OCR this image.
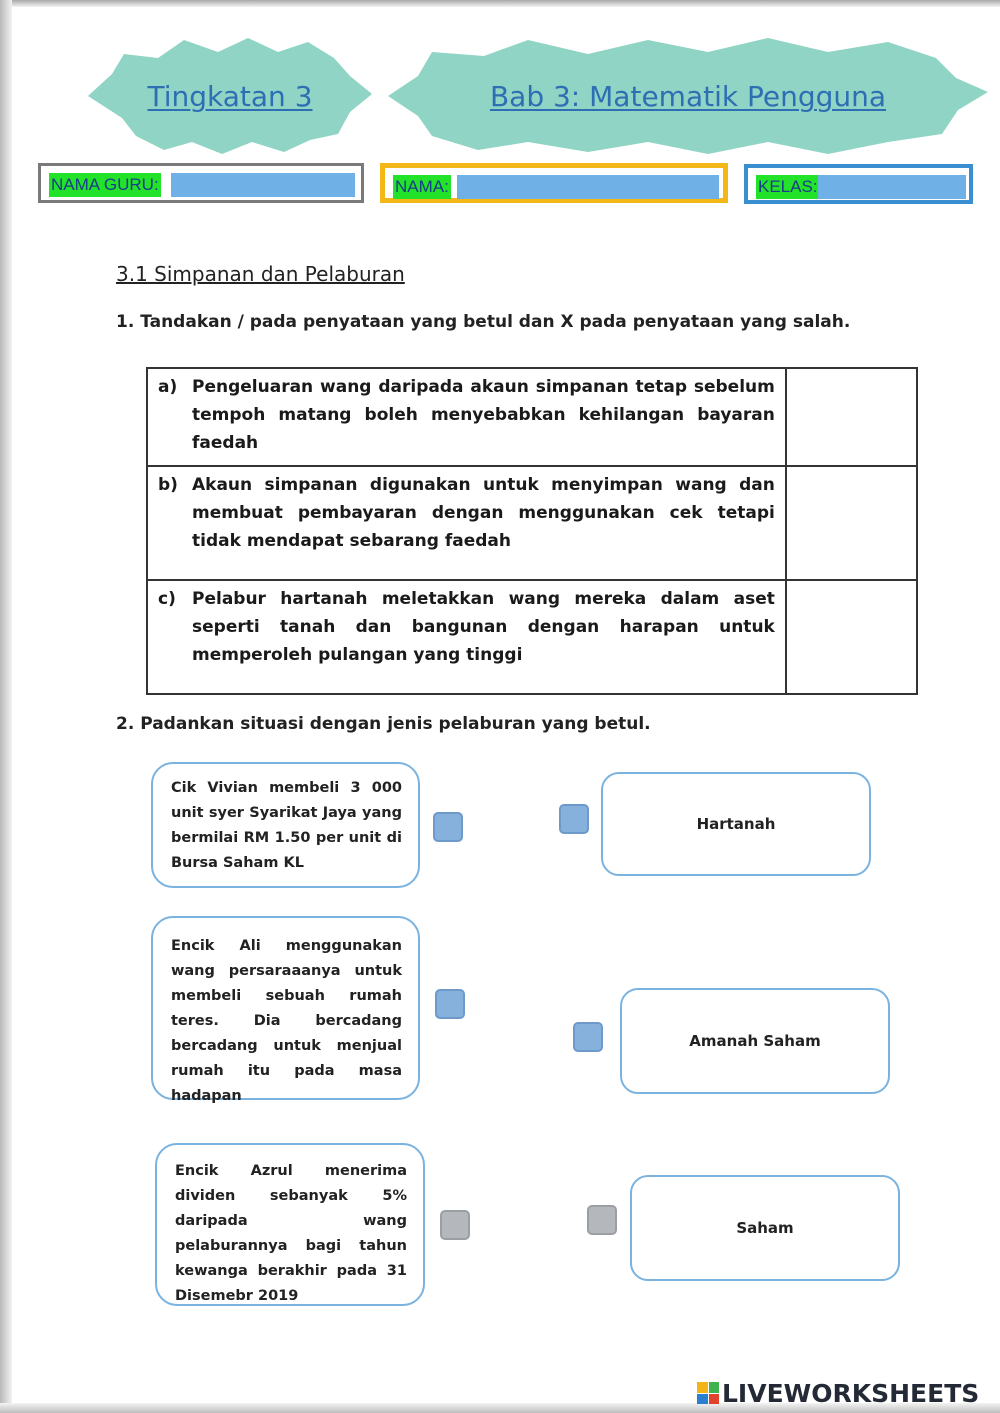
Tingkatan 3	Bab 3: Matematik Pengguna
NAMA GURU:	NAMA:	KELAS:
3.1 Simpanan dan Pelaburan
1. Tandakan / pada penyataan yang betul dan X pada penyataan yang salah.
a) Pengeluaran wang daripada akaun simpanan tetap sebelum tempoh matang boleh menyebabkan kehilangan bayaran faedah	

b) Akaun simpanan digunakan untuk menyimpan wang dan membuat pembayaran dengan menggunakan cek tetapi tidak mendapat sebarang faedah	

c) Pelabur hartanah meletakkan wang mereka dalam aset seperti tanah dan bangunan dengan harapan untuk memperoleh pulangan yang tinggi	

2. Padankan situasi dengan jenis pelaburan yang betul.
Cik Vivian membeli 3 000 unit syer Syarikat Jaya yang bermilai RM 1.50 per unit di Bursa Saham KL
Encik Ali menggunakan wang persaraaanya untuk membeli sebuah rumah teres. Dia bercadang bercadang untuk menjual rumah itu pada masa hadapan
Encik Azrul menerima dividen sebanyak 5% daripada wang pelaburannya bagi tahun kewanga berakhir pada 31 Disemebr 2019
Hartanah
Amanah Saham
Saham
LIVEWORKSHEETS
